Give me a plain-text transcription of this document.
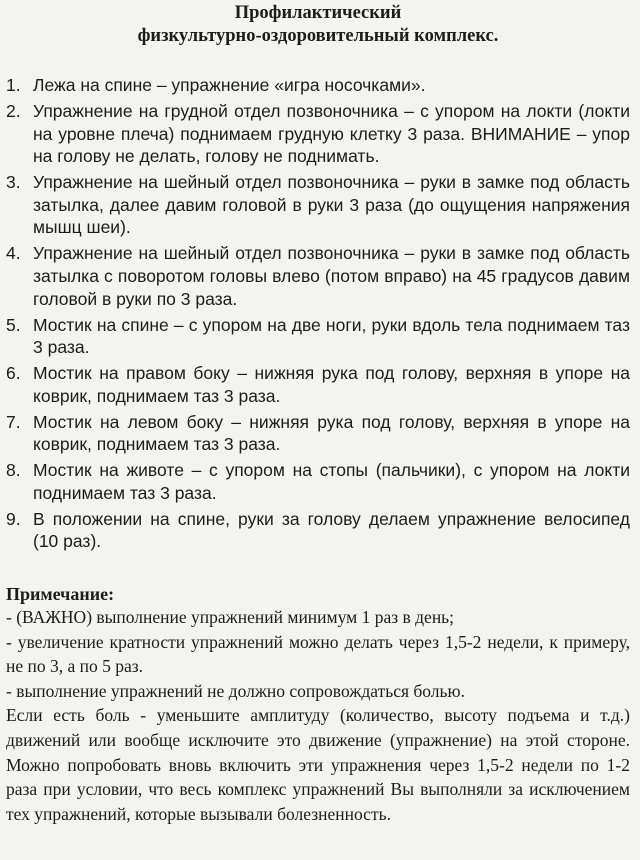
Профилактический
физкультурно-оздоровительный комплекс.
1. Лежа на спине – упражнение «игра носочками».
2. Упражнение на грудной отдел позвоночника – с упором на локти (локти на уровне плеча) поднимаем грудную клетку 3 раза. ВНИМАНИЕ – упор на голову не делать, голову не поднимать.
3. Упражнение на шейный отдел позвоночника – руки в замке под область затылка, далее давим головой в руки 3 раза (до ощущения напряжения мышц шеи).
4. Упражнение на шейный отдел позвоночника – руки в замке под область затылка с поворотом головы влево (потом вправо) на 45 градусов давим головой в руки по 3 раза.
5. Мостик на спине – с упором на две ноги, руки вдоль тела поднимаем таз 3 раза.
6. Мостик на правом боку – нижняя рука под голову, верхняя в упоре на коврик, поднимаем таз 3 раза.
7. Мостик на левом боку – нижняя рука под голову, верхняя в упоре на коврик, поднимаем таз 3 раза.
8. Мостик на животе – с упором на стопы (пальчики), с упором на локти поднимаем таз 3 раза.
9. В положении на спине, руки за голову делаем упражнение велосипед (10 раз).
Примечание:

- (ВАЖНО) выполнение упражнений минимум 1 раз в день;

- увеличение кратности упражнений можно делать через 1,5-2 недели, к примеру, не по 3, а по 5 раз.

- выполнение упражнений не должно сопровождаться болью.

Если есть боль - уменьшите амплитуду (количество, высоту подъема и т.д.) движений или вообще исключите это движение (упражнение) на этой стороне. Можно попробовать вновь включить эти упражнения через 1,5-2 недели по 1-2 раза при условии, что весь комплекс упражнений Вы выполняли за исключением тех упражнений, которые вызывали болезненность.
